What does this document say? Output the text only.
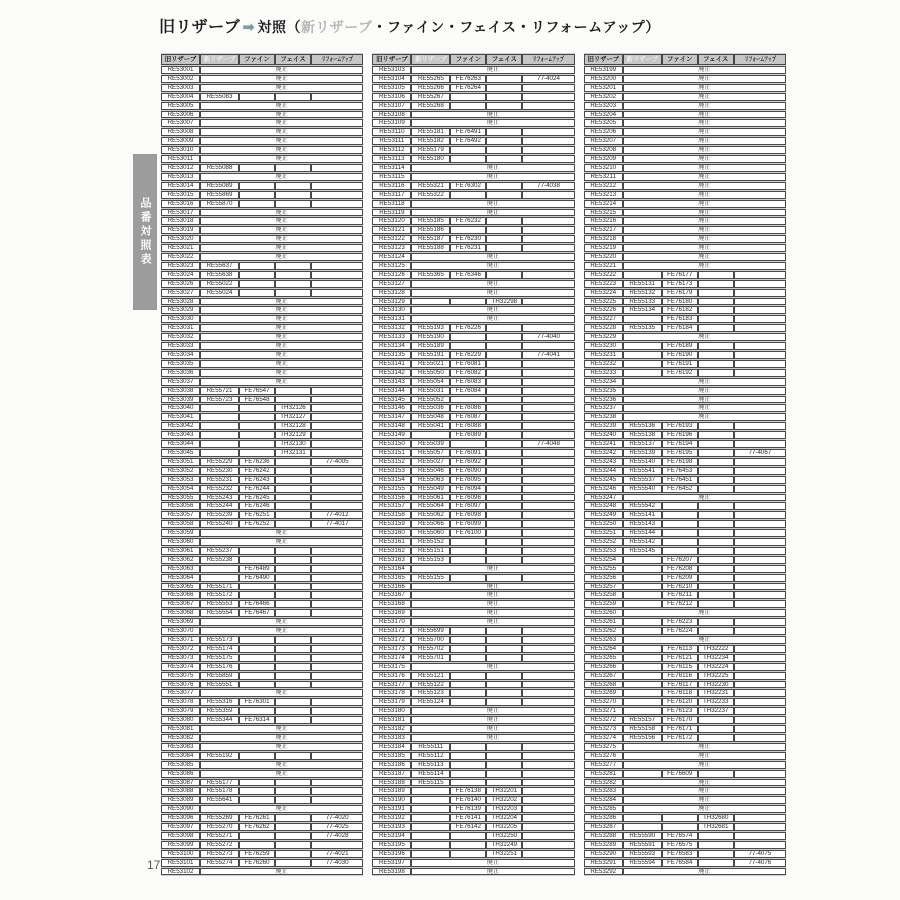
品番対照表
旧リザーブ ➡ 対照（新リザーブ・ファイン・フェイス・リフォームアップ）
旧リザーブ	新リザーブ	ファイン	フェイス	リフォームアップ
RE53001	廃止			
RE53002	廃止			
RE53003	廃止			
RE53004	RE55083			
RE53005	廃止			
RE53006	廃止			
RE53007	廃止			
RE53008	廃止			
RE53009	廃止			
RE53010	廃止			
RE53011	廃止			
RE53012	RE55088			
RE53013	廃止			
RE53014	RE55089			
RE53015	RE55869			
RE53016	RE55870			
RE53017	廃止			
RE53018	廃止			
RE53019	廃止			
RE53020	廃止			
RE53021	廃止			
RE53022	廃止			
RE53023	RE55637			
RE53024	RE55638			
RE53026	RE55022			
RE53027	RE55024			
RE53028	廃止			
RE53029	廃止			
RE53030	廃止			
RE53031	廃止			
RE53032	廃止			
RE53033	廃止			
RE53034	廃止			
RE53035	廃止			
RE53036	廃止			
RE53037	廃止			
RE53038	RE55721	FE76547		
RE53039	RE55723	FE76548		
RE53040			TH32126	
RE53041			TH32127	
RE53042			TH32128	
RE53043			TH32129	
RE53044			TH32130	
RE53045			TH32131	
RE53051	RE55229	FE76236		77-4005
RE53052	RE55230	FE76242		
RE53053	RE55231	FE76243		
RE53054	RE55232	FE76244		
RE53055	RE55243	FE76245		
RE53056	RE55244	FE76246		
RE53057	RE55239	FE76251		77-4012
RE53058	RE55240	FE76252		77-4017
RE53059	廃止			
RE53060	廃止			
RE53061	RE55237			
RE53062	RE55238			
RE53063		FE76489		
RE53064		FE76490		
RE53065	RE55171			
RE53066	RE55172			
RE53067	RE55553	FE76466		
RE53068	RE55554	FE76467		
RE53069	廃止			
RE53070	廃止			
RE53071	RE55173			
RE53072	RE55174			
RE53073	RE55175			
RE53074	RE55176			
RE53075	RE55859			
RE53076	RE55551			
RE53077	廃止			
RE53078	RE55316	FE76301		
RE53079	RE55359			
RE53080	RE55344	FE76314		
RE53081	廃止			
RE53082	廃止			
RE53083	廃止			
RE53084	RE55192			
RE53085	廃止			
RE53086	廃止			
RE53087	RE55177			
RE53088	RE55178			
RE53089	RE55641			
RE53090	廃止			
RE53096	RE55269	FE76261		77-4020
RE53097	RE55270	FE76262		77-4025
RE53098	RE55271			77-4028
RE53099	RE55272			
RE53100	RE55273	FE76259		77-4021
RE53101	RE55274	FE76260		77-4030
RE53102	廃止			
旧リザーブ	新リザーブ	ファイン	フェイス	リフォームアップ
RE53103	廃止			
RE53104	RE55265	FE76263		77-4024
RE53105	RE55266	FE76264		
RE53106	RE55267			
RE53107	RE55268			
RE53108	廃止			
RE53109	廃止			
RE53110	RE55181	FE76491		
RE53111	RE55182	FE76492		
RE53112	RE55179			
RE53113	RE55180			
RE53114	廃止			
RE53115	廃止			
RE53116	RE55321	FE76302		77-4038
RE53117	RE55322			
RE53118	廃止			
RE53119	廃止			
RE53120	RE55185	FE76232		
RE53121	RE55186			
RE53122	RE55187	FE76230		
RE53123	RE55188	FE76231		
RE53124	廃止			
RE53125	廃止			
RE53126	RE55365	FE76346		
RE53127	廃止			
RE53128	廃止			
RE53129			TH32298	
RE53130	廃止			
RE53131	廃止			
RE53132	RE55193	FE76226		
RE53133	RE55190			77-4040
RE53134	RE55189			
RE53135	RE55191	FE76229		77-4041
RE53141	RE55021	FE76081		
RE53142	RE55050	FE76082		
RE53143	RE55054	FE76083		
RE53144	RE55031	FE76084		
RE53145	RE55052			
RE53146	RE55036	FE76086		
RE53147	RE55048	FE76087		
RE53148	RE55041	FE76088		
RE53149		FE76089		
RE53150	RE55039			77-4048
RE53151	RE55057	FE76091		
RE53152	RE55027	FE76092		
RE53153	RE55046	FE76090		
RE53154	RE55063	FE76095		
RE53155	RE55049	FE76094		
RE53156	RE55061	FE76096		
RE53157	RE55064	FE76097		
RE53158	RE55062	FE76098		
RE53159	RE55066	FE76099		
RE53160	RE55060	FE76100		
RE53161	RE55152			
RE53162	RE55151			
RE53163	RE55153			
RE53164	廃止			
RE53165	RE55155			
RE53166	廃止			
RE53167	廃止			
RE53168	廃止			
RE53169	廃止			
RE53170	廃止			
RE53171	RE55699			
RE53172	RE55700			
RE53173	RE55702			
RE53174	RE55701			
RE53175	廃止			
RE53176	RE55121			
RE53177	RE55122			
RE53178	RE55123			
RE53179	RE55124			
RE53180	廃止			
RE53181	廃止			
RE53182	廃止			
RE53183	廃止			
RE53184	RE55111			
RE53185	RE55112			
RE53186	RE55113			
RE53187	RE55114			
RE53188	RE55115			
RE53189		FE76138	TH32201	
RE53190		FE76140	TH32202	
RE53191		FE76139	TH32203	
RE53192		FE76141	TH32204	
RE53193		FE76142	TH32205	
RE53194			TH32250	
RE53195			TH32249	
RE53196			TH32251	
RE53197	廃止			
RE53198	廃止			
旧リザーブ	新リザーブ	ファイン	フェイス	リフォームアップ
RE53199	廃止			
RE53200	廃止			
RE53201	廃止			
RE53202	廃止			
RE53203	廃止			
RE53204	廃止			
RE53205	廃止			
RE53206	廃止			
RE53207	廃止			
RE53208	廃止			
RE53209	廃止			
RE53210	廃止			
RE53211	廃止			
RE53212	廃止			
RE53213	廃止			
RE53214	廃止			
RE53215	廃止			
RE53216	廃止			
RE53217	廃止			
RE53218	廃止			
RE53219	廃止			
RE53220	廃止			
RE53221	廃止			
RE53222		FE76177		
RE53223	RE55131	FE76173		
RE53224	RE55132	FE76179		
RE53225	RE55133	FE76180		
RE53226	RE55134	FE76182		
RE53227		FE76183		
RE53228	RE55135	FE76184		
RE53229	廃止			
RE53230		FE76189		
RE53231		FE76190		
RE53232		FE76191		
RE53233		FE76192		
RE53234	廃止			
RE53235	廃止			
RE53236	廃止			
RE53237	廃止			
RE53238	廃止			
RE53239	RE55136	FE76193		
RE53240	RE55138	FE76196		
RE53241	RE55137	FE76194		
RE53242	RE55139	FE76195		77-4067
RE53243	RE55140	FE76198		
RE53244	RE55541	FE76453		
RE53245	RE55537	FE76451		
RE53246	RE55540	FE76452		
RE53247	廃止			
RE53248	RE55542			
RE53249	RE55141			
RE53250	RE55143			
RE53251	RE55144			
RE53252	RE55142			
RE53253	RE55145			
RE53254		FE76207		
RE53255		FE76208		
RE53256		FE76209		
RE53257		FE76210		
RE53258		FE76211		
RE53259		FE76212		
RE53260	廃止			
RE53261		FE76223		
RE53262		FE76224		
RE53263	廃止			
RE53264		FE76113	TH32222	
RE53265		FE76121	TH32234	
RE53266		FE76115	TH32224	
RE53267		FE76116	TH32225	
RE53268		FE76117	TH32230	
RE53269		FE76118	TH32231	
RE53270		FE76120	TH32233	
RE53271		FE76123	TH32237	
RE53272	RE55157	FE76170		
RE53273	RE55158	FE76171		
RE53274	RE55156	FE76172		
RE53275	廃止			
RE53276	廃止			
RE53277	廃止			
RE53281		FE76609		
RE53282	廃止			
RE53283	廃止			
RE53284	廃止			
RE53285	廃止			
RE53286			TH32680	
RE53287			TH32681	
RE53288	RE55590	FE76574		
RE53289	RE55591	FE76575		
RE53290	RE55593	FE76583		77-4075
RE53291	RE55594	FE76584		77-4076
RE53292	廃止			
17
